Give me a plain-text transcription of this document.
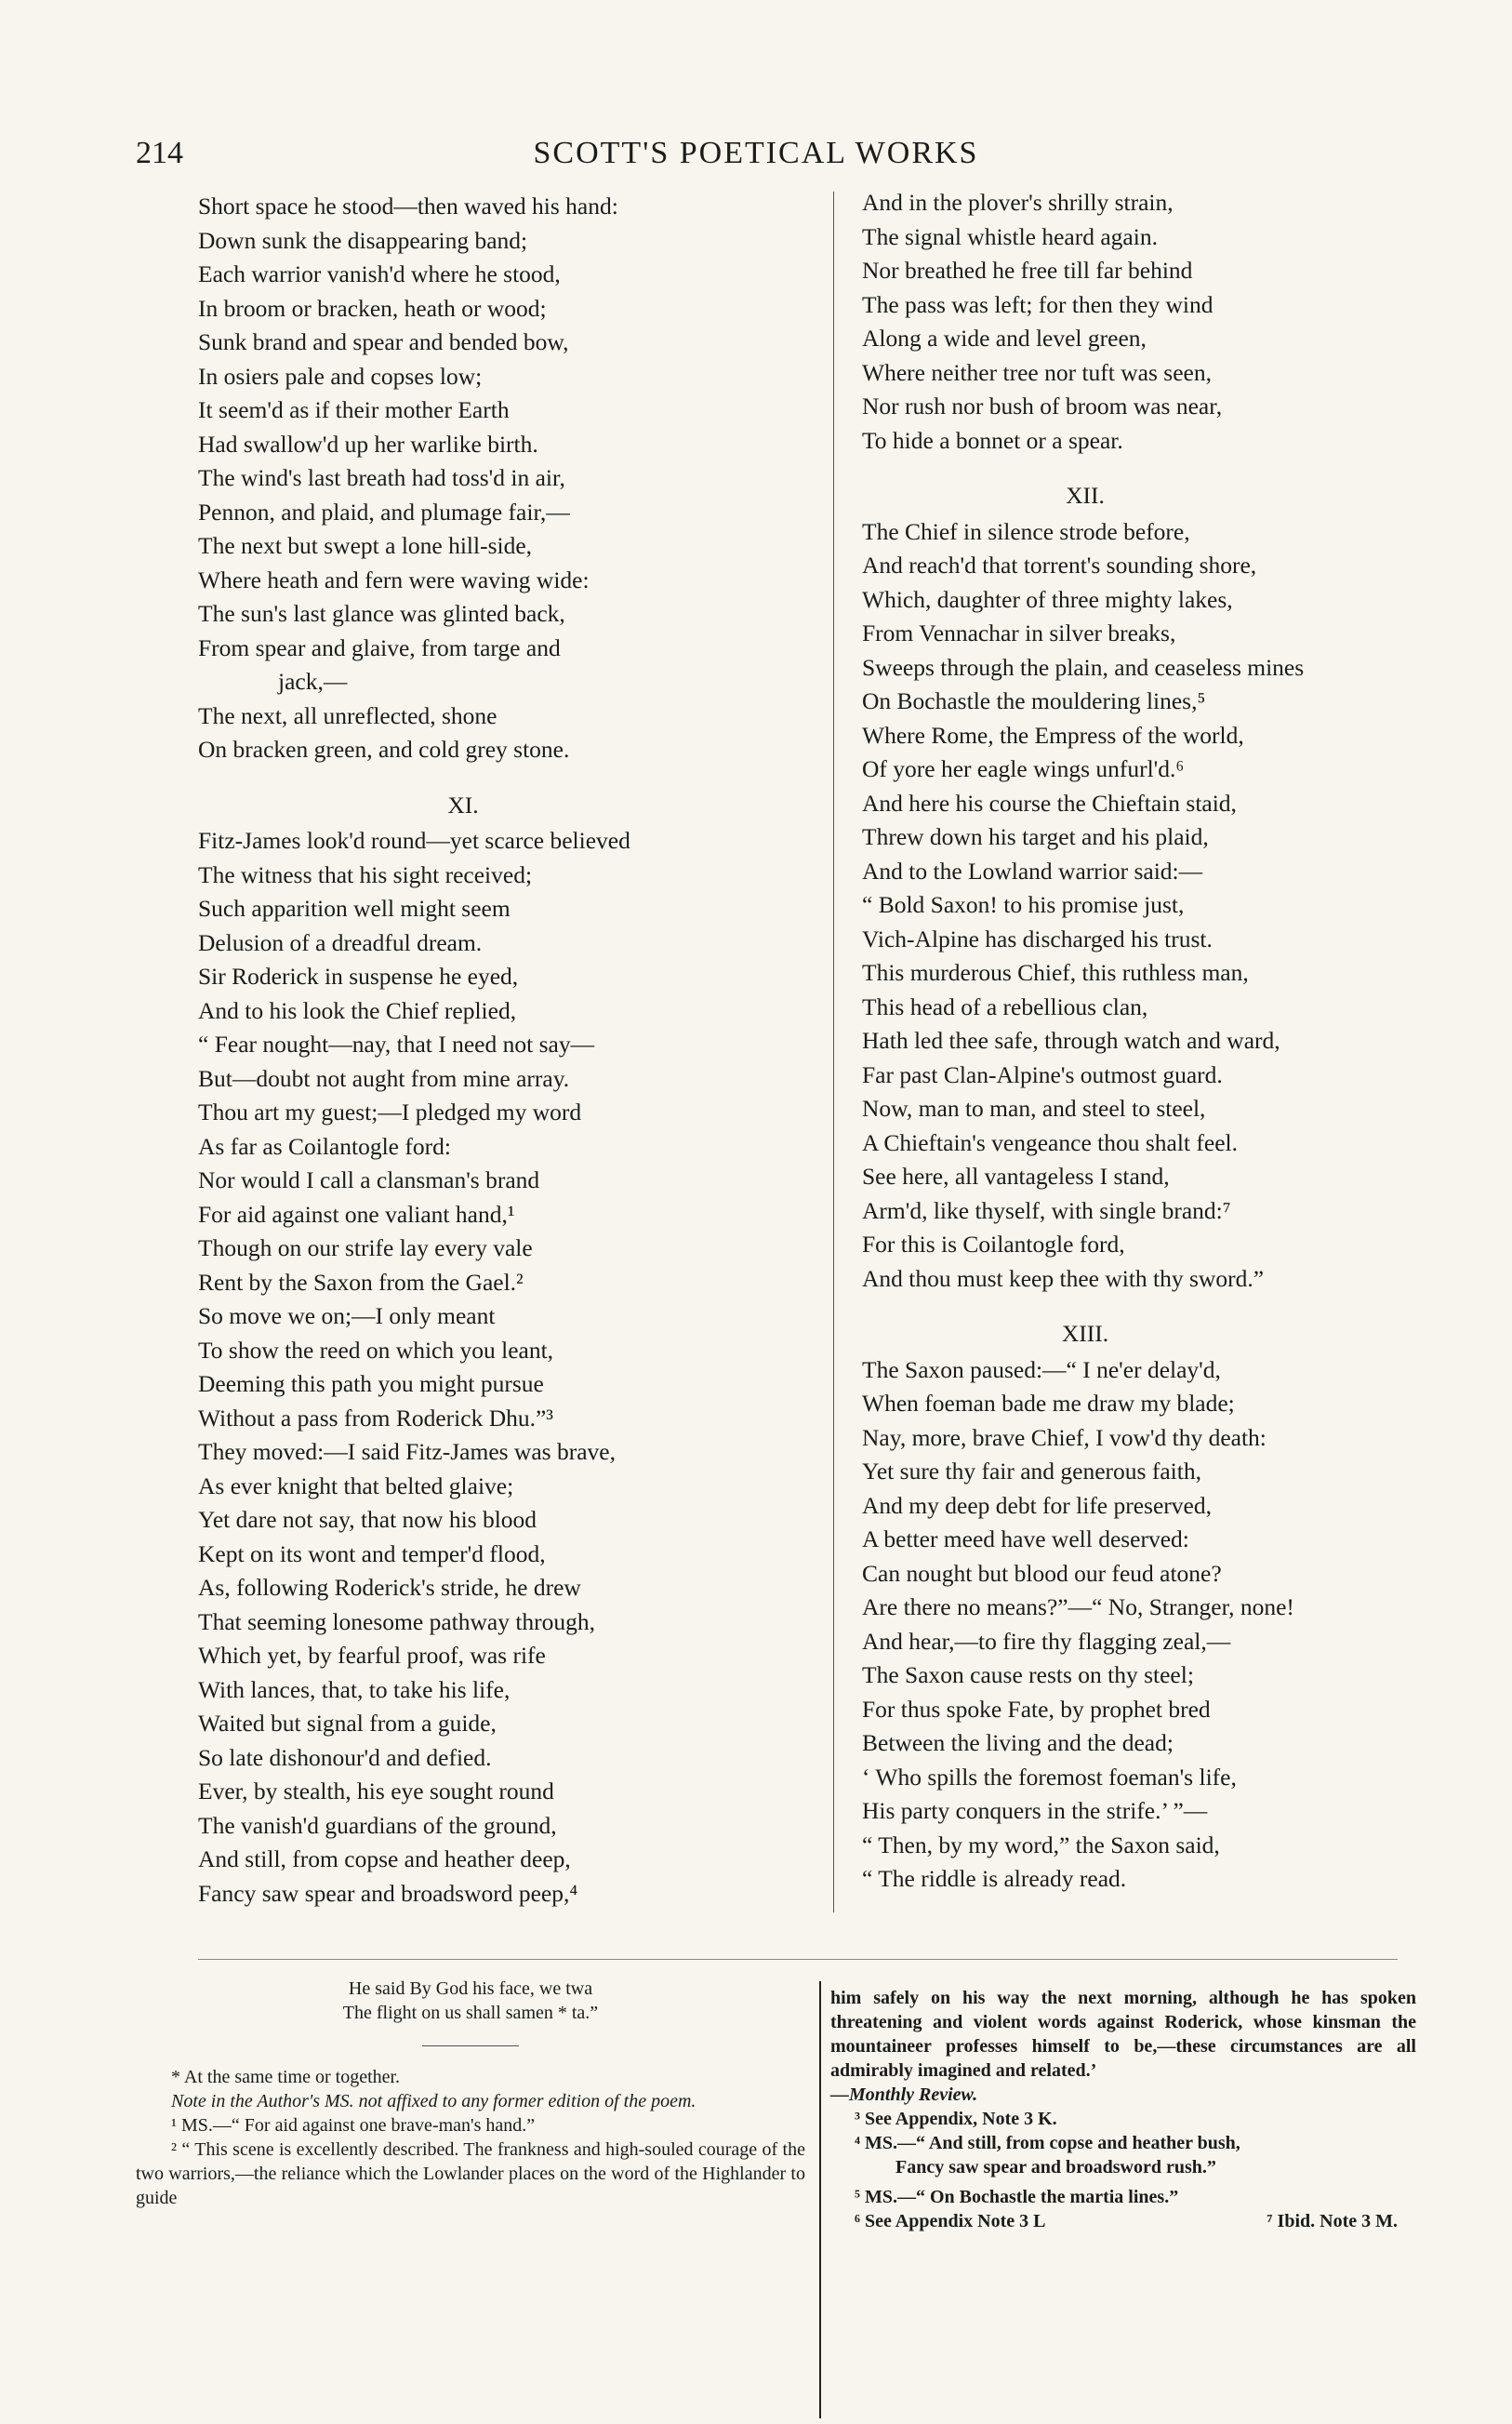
214	SCOTT'S POETICAL WORKS
Short space he stood—then waved his hand:
Down sunk the disappearing band;
Each warrior vanish'd where he stood,
In broom or bracken, heath or wood;
Sunk brand and spear and bended bow,
In osiers pale and copses low;
It seem'd as if their mother Earth
Had swallow'd up her warlike birth.
The wind's last breath had toss'd in air,
Pennon, and plaid, and plumage fair,—
The next but swept a lone hill-side,
Where heath and fern were waving wide:
The sun's last glance was glinted back,
From spear and glaive, from targe and
jack,—
The next, all unreflected, shone
On bracken green, and cold grey stone.
XI.
Fitz-James look'd round—yet scarce believed
The witness that his sight received;
Such apparition well might seem
Delusion of a dreadful dream.
Sir Roderick in suspense he eyed,
And to his look the Chief replied,
“ Fear nought—nay, that I need not say—
But—doubt not aught from mine array.
Thou art my guest;—I pledged my word
As far as Coilantogle ford:
Nor would I call a clansman's brand
For aid against one valiant hand,¹
Though on our strife lay every vale
Rent by the Saxon from the Gael.²
So move we on;—I only meant
To show the reed on which you leant,
Deeming this path you might pursue
Without a pass from Roderick Dhu.”³
They moved:—I said Fitz-James was brave,
As ever knight that belted glaive;
Yet dare not say, that now his blood
Kept on its wont and temper'd flood,
As, following Roderick's stride, he drew
That seeming lonesome pathway through,
Which yet, by fearful proof, was rife
With lances, that, to take his life,
Waited but signal from a guide,
So late dishonour'd and defied.
Ever, by stealth, his eye sought round
The vanish'd guardians of the ground,
And still, from copse and heather deep,
Fancy saw spear and broadsword peep,⁴
And in the plover's shrilly strain,
The signal whistle heard again.
Nor breathed he free till far behind
The pass was left; for then they wind
Along a wide and level green,
Where neither tree nor tuft was seen,
Nor rush nor bush of broom was near,
To hide a bonnet or a spear.
XII.
The Chief in silence strode before,
And reach'd that torrent's sounding shore,
Which, daughter of three mighty lakes,
From Vennachar in silver breaks,
Sweeps through the plain, and ceaseless mines
On Bochastle the mouldering lines,⁵
Where Rome, the Empress of the world,
Of yore her eagle wings unfurl'd.⁶
And here his course the Chieftain staid,
Threw down his target and his plaid,
And to the Lowland warrior said:—
“ Bold Saxon! to his promise just,
Vich-Alpine has discharged his trust.
This murderous Chief, this ruthless man,
This head of a rebellious clan,
Hath led thee safe, through watch and ward,
Far past Clan-Alpine's outmost guard.
Now, man to man, and steel to steel,
A Chieftain's vengeance thou shalt feel.
See here, all vantageless I stand,
Arm'd, like thyself, with single brand:⁷
For this is Coilantogle ford,
And thou must keep thee with thy sword.”
XIII.
The Saxon paused:—“ I ne'er delay'd,
When foeman bade me draw my blade;
Nay, more, brave Chief, I vow'd thy death:
Yet sure thy fair and generous faith,
And my deep debt for life preserved,
A better meed have well deserved:
Can nought but blood our feud atone?
Are there no means?”—“ No, Stranger, none!
And hear,—to fire thy flagging zeal,—
The Saxon cause rests on thy steel;
For thus spoke Fate, by prophet bred
Between the living and the dead;
‘ Who spills the foremost foeman's life,
His party conquers in the strife.’ ”—
“ Then, by my word,” the Saxon said,
“ The riddle is already read.
He said By God his face, we twa
The flight on us shall samen * ta.”
* At the same time or together.
Note in the Author's MS. not affixed to any former edition of the poem.
¹ MS.—“ For aid against one brave-man's hand.”
² “ This scene is excellently described. The frankness and high-souled courage of the two warriors,—the reliance which the Lowlander places on the word of the Highlander to guide
him safely on his way the next morning, although he has spoken threatening and violent words against Roderick, whose kinsman the mountaineer professes himself to be,—these circumstances are all admirably imagined and related.’
—Monthly Review.
³ See Appendix, Note 3 K.
⁴ MS.—“ And still, from copse and heather bush,
Fancy saw spear and broadsword rush.”
⁵ MS.—“ On Bochastle the martia lines.”
⁶ See Appendix Note 3 L	⁷ Ibid. Note 3 M.
